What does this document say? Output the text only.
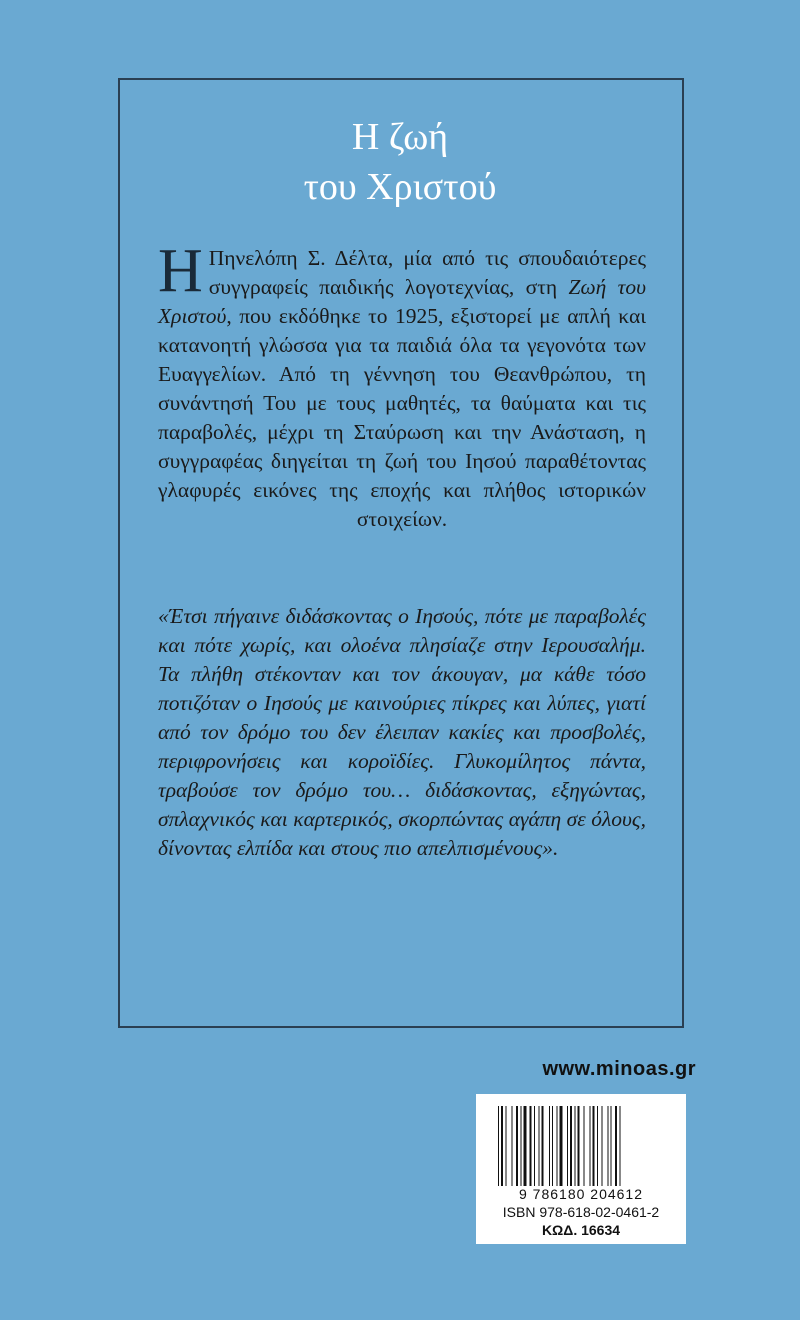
Η ζωή
του Χριστού
Η Πηνελόπη Σ. Δέλτα, μία από τις σπουδαιότερες συγγραφείς παιδικής λογοτεχνίας, στη Ζωή του Χριστού, που εκδόθηκε το 1925, εξιστορεί με απλή και κατανοητή γλώσσα για τα παιδιά όλα τα γεγονότα των Ευαγγελίων. Από τη γέννηση του Θεανθρώπου, τη συνάντησή Του με τους μαθητές, τα θαύματα και τις παραβολές, μέχρι τη Σταύρωση και την Ανάσταση, η συγγραφέας διηγείται τη ζωή του Ιησού παραθέτοντας γλαφυρές εικόνες της εποχής και πλήθος ιστορικών στοιχείων.
«Έτσι πήγαινε διδάσκοντας ο Ιησούς, πότε με παραβολές και πότε χωρίς, και ολοένα πλησίαζε στην Ιερουσαλήμ. Τα πλήθη στέκονταν και τον άκουγαν, μα κάθε τόσο ποτιζόταν ο Ιησούς με καινούριες πίκρες και λύπες, γιατί από τον δρόμο του δεν έλειπαν κακίες και προσβολές, περιφρονήσεις και κοροϊδίες. Γλυκομίλητος πάντα, τραβούσε τον δρόμο του… διδάσκοντας, εξηγώντας, σπλαχνικός και καρτερικός, σκορπώντας αγάπη σε όλους, δίνοντας ελπίδα και στους πιο απελπισμένους».
www.minoas.gr
9 786180 204612
ISBN 978-618-02-0461-2
ΚΩΔ. 16634
